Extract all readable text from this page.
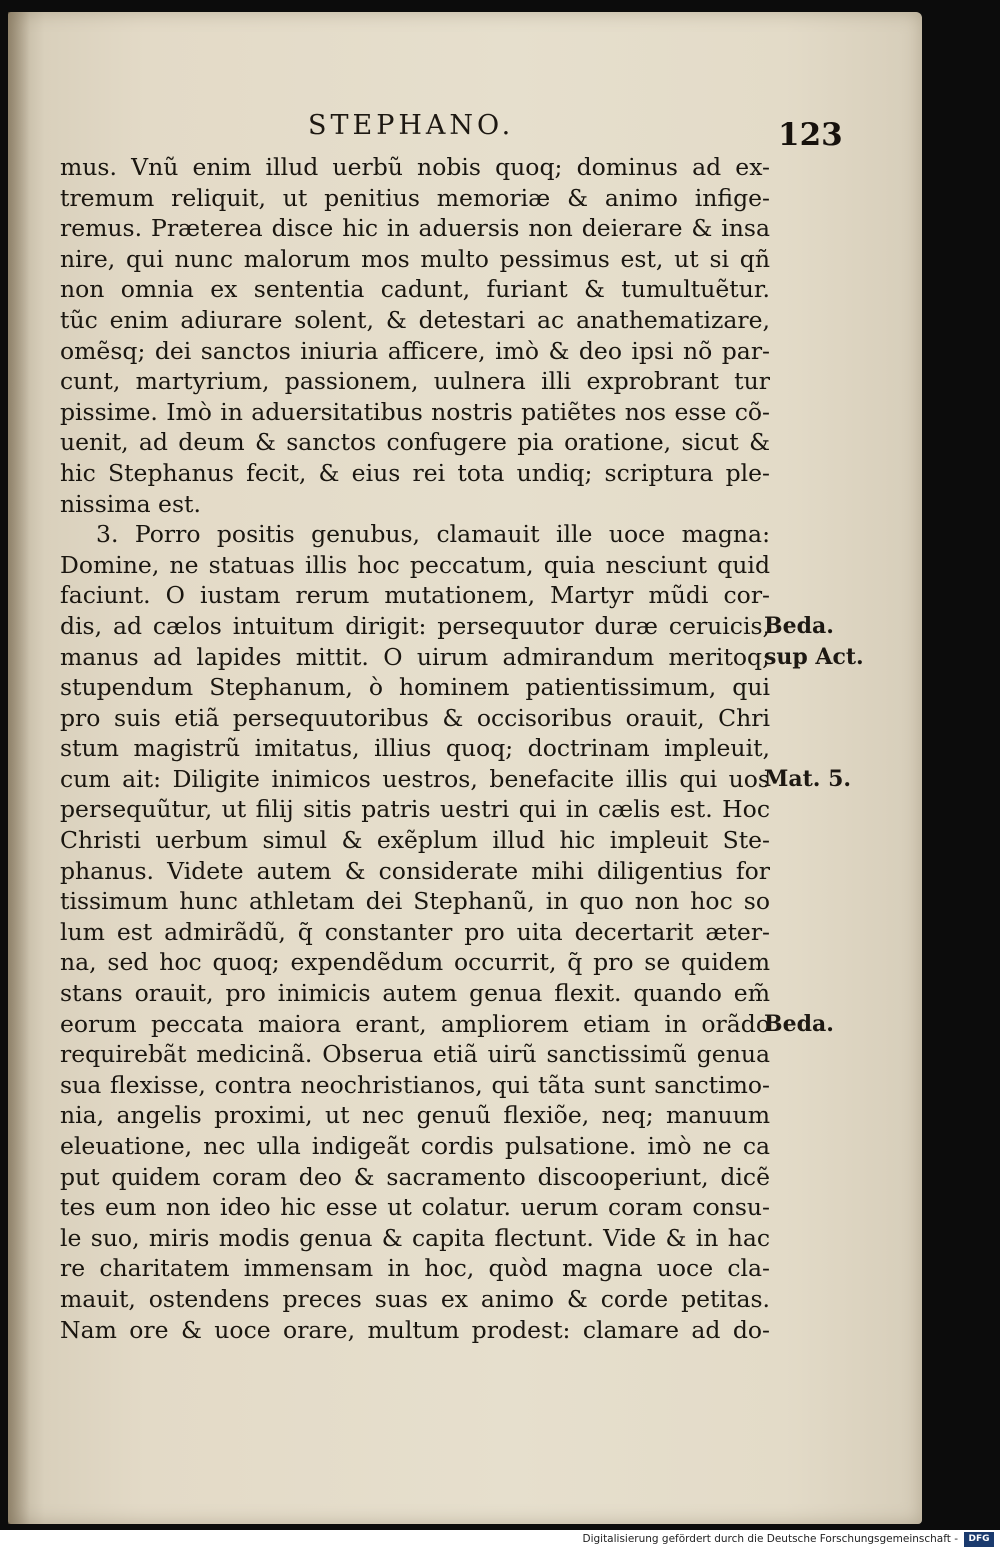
STEPHANO.	123
mus. Vnũ enim illud uerbũ nobis quoq; dominus ad ex-
tremum reliquit, ut penitius memoriæ & animo infige-
remus. Præterea disce hic in aduersis non deierare & insa
nire, qui nunc malorum mos multo pessimus est, ut si qñ
non omnia ex sententia cadunt, furiant & tumultuẽtur.
tũc enim adiurare solent, & detestari ac anathematizare,
omẽsq; dei sanctos iniuria afficere, imò & deo ipsi nõ par-
cunt, martyrium, passionem, uulnera illi exprobrant tur
pissime. Imò in aduersitatibus nostris patiẽtes nos esse cõ-
uenit, ad deum & sanctos confugere pia oratione, sicut &
hic Stephanus fecit, & eius rei tota undiq; scriptura ple-
nissima est.
3. Porro positis genubus, clamauit ille uoce magna:
Domine, ne statuas illis hoc peccatum, quia nesciunt quid
faciunt. O iustam rerum mutationem, Martyr mũdi cor-
dis, ad cælos intuitum dirigit: persequutor duræ ceruicis,
manus ad lapides mittit. O uirum admirandum meritoq;
stupendum Stephanum, ò hominem patientissimum, qui
pro suis etiã persequutoribus & occisoribus orauit, Chri
stum magistrũ imitatus, illius quoq; doctrinam impleuit,
cum ait: Diligite inimicos uestros, benefacite illis qui uos
persequũtur, ut filij sitis patris uestri qui in cælis est. Hoc
Christi uerbum simul & exẽplum illud hic impleuit Ste-
phanus. Videte autem & considerate mihi diligentius for
tissimum hunc athletam dei Stephanũ, in quo non hoc so
lum est admirãdũ, q̃ constanter pro uita decertarit æter-
na, sed hoc quoq; expendẽdum occurrit, q̃ pro se quidem
stans orauit, pro inimicis autem genua flexit. quando em̃
eorum peccata maiora erant, ampliorem etiam in orãdo
requirebãt medicinã. Obserua etiã uirũ sanctissimũ genua
sua flexisse, contra neochristianos, qui tãta sunt sanctimo-
nia, angelis proximi, ut nec genuũ flexiõe, neq; manuum
eleuatione, nec ulla indigeãt cordis pulsatione. imò ne ca
put quidem coram deo & sacramento discooperiunt, dicẽ
tes eum non ideo hic esse ut colatur. uerum coram consu-
le suo, miris modis genua & capita flectunt. Vide & in hac
re charitatem immensam in hoc, quòd magna uoce cla-
mauit, ostendens preces suas ex animo & corde petitas.
Nam ore & uoce orare, multum prodest: clamare ad do-
Beda.
sup Act.
Mat. 5.
Beda.
Digitalisierung gefördert durch die Deutsche Forschungsgemeinschaft -	DFG
